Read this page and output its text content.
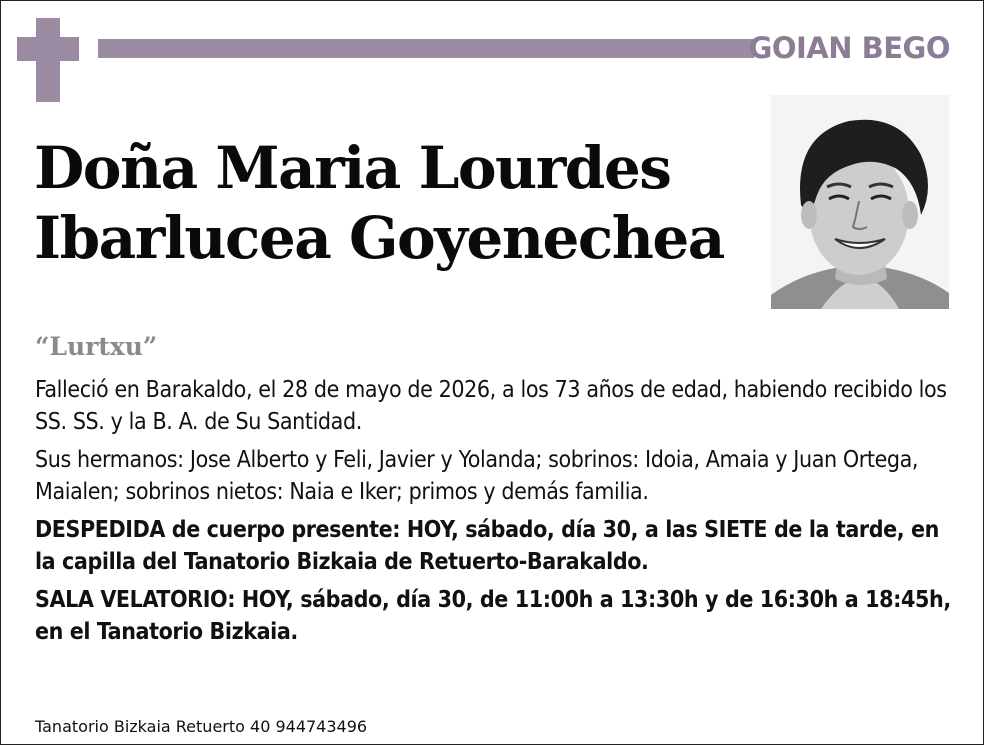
GOIAN BEGO
Doña Maria Lourdes
Ibarlucea Goyenechea
“Lurtxu”

Falleció en Barakaldo, el 28 de mayo de 2026, a los 73 años de edad, habiendo recibido los SS. SS. y la B. A. de Su Santidad.

Sus hermanos: Jose Alberto y Feli, Javier y Yolanda; sobrinos: Idoia, Amaia y Juan Ortega, Maialen; sobrinos nietos: Naia e Iker; primos y demás familia.

DESPEDIDA de cuerpo presente: HOY, sábado, día 30, a las SIETE de la tarde, en la capilla del Tanatorio Bizkaia de Retuerto-Barakaldo.

SALA VELATORIO: HOY, sábado, día 30, de 11:00h a 13:30h y de 16:30h a 18:45h, en el Tanatorio Bizkaia.

Tanatorio Bizkaia Retuerto 40 944743496
